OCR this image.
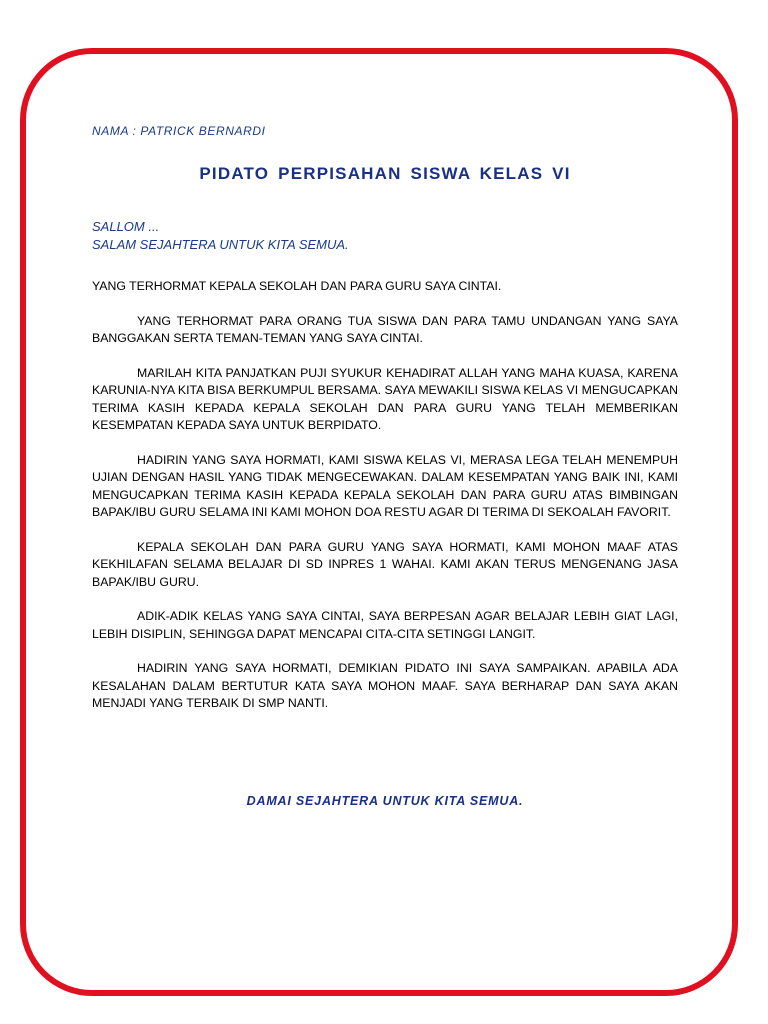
NAMA : PATRICK BERNARDI
PIDATO PERPISAHAN SISWA KELAS VI
SALLOM ...
SALAM SEJAHTERA UNTUK KITA SEMUA.

YANG TERHORMAT KEPALA SEKOLAH DAN PARA GURU SAYA CINTAI.

YANG TERHORMAT PARA ORANG TUA SISWA DAN PARA TAMU UNDANGAN YANG SAYA BANGGAKAN SERTA TEMAN-TEMAN YANG SAYA CINTAI.

MARILAH KITA PANJATKAN PUJI SYUKUR KEHADIRAT ALLAH YANG MAHA KUASA, KARENA KARUNIA-NYA KITA BISA BERKUMPUL BERSAMA. SAYA MEWAKILI SISWA KELAS VI MENGUCAPKAN TERIMA KASIH KEPADA KEPALA SEKOLAH DAN PARA GURU YANG TELAH MEMBERIKAN KESEMPATAN KEPADA SAYA UNTUK BERPIDATO.

HADIRIN YANG SAYA HORMATI, KAMI SISWA KELAS VI, MERASA LEGA TELAH MENEMPUH UJIAN DENGAN HASIL YANG TIDAK MENGECEWAKAN. DALAM KESEMPATAN YANG BAIK INI, KAMI MENGUCAPKAN TERIMA KASIH KEPADA KEPALA SEKOLAH DAN PARA GURU ATAS BIMBINGAN BAPAK/IBU GURU SELAMA INI KAMI MOHON DOA RESTU AGAR DI TERIMA DI SEKOALAH FAVORIT.

KEPALA SEKOLAH DAN PARA GURU YANG SAYA HORMATI, KAMI MOHON MAAF ATAS KEKHILAFAN SELAMA BELAJAR DI SD INPRES 1 WAHAI. KAMI AKAN TERUS MENGENANG JASA BAPAK/IBU GURU.

ADIK-ADIK KELAS YANG SAYA CINTAI, SAYA BERPESAN AGAR BELAJAR LEBIH GIAT LAGI, LEBIH DISIPLIN, SEHINGGA DAPAT MENCAPAI CITA-CITA SETINGGI LANGIT.

HADIRIN YANG SAYA HORMATI, DEMIKIAN PIDATO INI SAYA SAMPAIKAN. APABILA ADA KESALAHAN DALAM BERTUTUR KATA SAYA MOHON MAAF. SAYA BERHARAP DAN SAYA AKAN MENJADI YANG TERBAIK DI SMP NANTI.

DAMAI SEJAHTERA UNTUK KITA SEMUA.
